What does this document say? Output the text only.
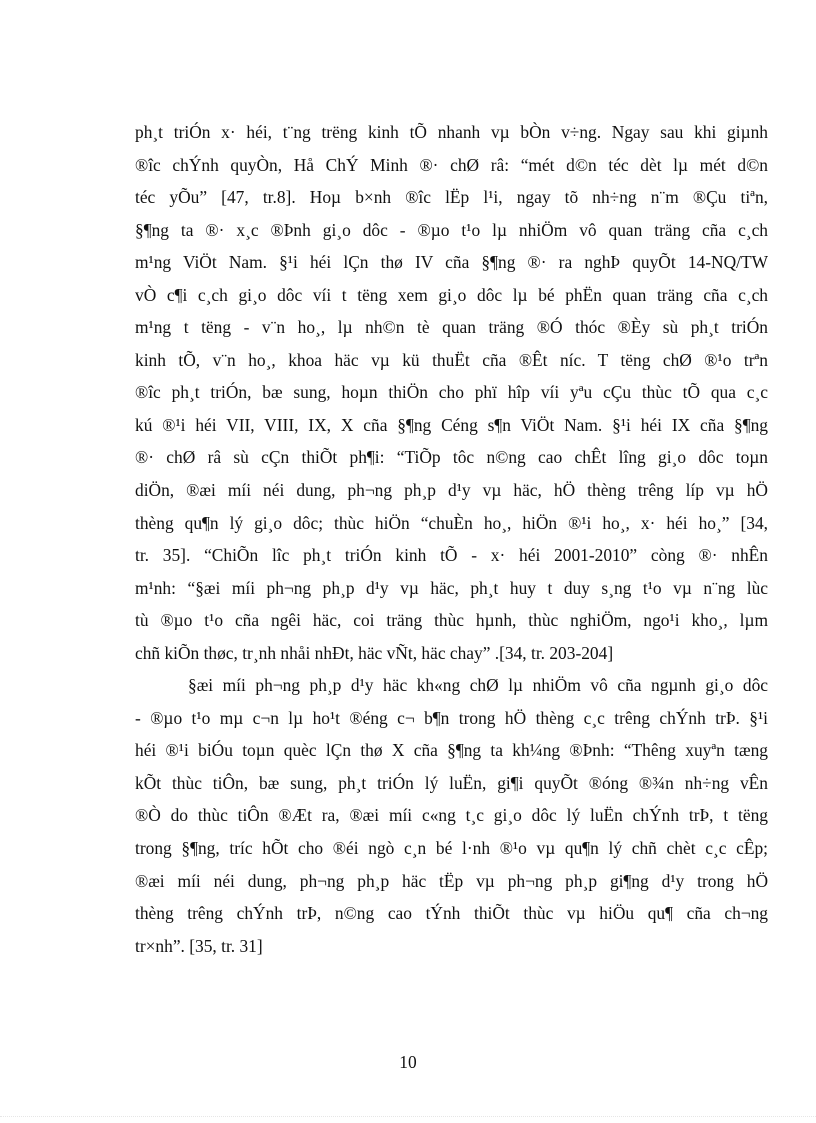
ph¸t triÓn x· héi, t¨ng trëng kinh tÕ nhanh vµ bÒn v÷ng. Ngay sau khi giµnh
®îc chÝnh quyÒn, Hå ChÝ Minh ®· chØ râ: “mét d©n téc dèt lµ mét d©n
téc yÕu” [47, tr.8]. Hoµ b×nh ®îc lËp l¹i, ngay tõ nh÷ng n¨m ®Çu tiªn,
§¶ng ta ®· x¸c ®Þnh gi¸o dôc - ®µo t¹o lµ nhiÖm vô quan träng cña c¸ch
m¹ng ViÖt Nam. §¹i héi lÇn thø IV cña §¶ng ®· ra nghÞ quyÕt 14-NQ/TW
vÒ c¶i c¸ch gi¸o dôc víi t tëng xem gi¸o dôc lµ bé phËn quan träng cña c¸ch
m¹ng t tëng - v¨n ho¸, lµ nh©n tè quan träng ®Ó thóc ®Èy sù ph¸t triÓn
kinh tÕ, v¨n ho¸, khoa häc vµ kü thuËt cña ®Êt níc. T tëng chØ ®¹o trªn
®îc ph¸t triÓn, bæ sung, hoµn thiÖn cho phï hîp víi yªu cÇu thùc tÕ qua c¸c
kú ®¹i héi VII, VIII, IX, X cña §¶ng Céng s¶n ViÖt Nam. §¹i héi IX cña §¶ng
®· chØ râ sù cÇn thiÕt ph¶i: “TiÕp tôc n©ng cao chÊt lîng gi¸o dôc toµn
diÖn, ®æi míi néi dung, ph¬ng ph¸p d¹y vµ häc, hÖ thèng trêng líp vµ hÖ
thèng qu¶n lý gi¸o dôc; thùc hiÖn “chuÈn ho¸, hiÖn ®¹i ho¸, x· héi ho¸” [34,
tr. 35]. “ChiÕn lîc ph¸t triÓn kinh tÕ - x· héi 2001-2010” còng ®· nhÊn
m¹nh: “§æi míi ph¬ng ph¸p d¹y vµ häc, ph¸t huy t duy s¸ng t¹o vµ n¨ng lùc
tù ®µo t¹o cña ngêi häc, coi träng thùc hµnh, thùc nghiÖm, ngo¹i kho¸, lµm
chñ kiÕn thøc, tr¸nh nhåi nhÐt, häc vÑt, häc chay” .[34, tr. 203-204]
§æi míi ph¬ng ph¸p d¹y häc kh«ng chØ lµ nhiÖm vô cña ngµnh gi¸o dôc
- ®µo t¹o mµ c¬n lµ ho¹t ®éng c¬ b¶n trong hÖ thèng c¸c trêng chÝnh trÞ. §¹i
héi ®¹i biÓu toµn quèc lÇn thø X cña §¶ng ta kh¼ng ®Þnh: “Thêng xuyªn tæng
kÕt thùc tiÔn, bæ sung, ph¸t triÓn lý luËn, gi¶i quyÕt ®óng ®¾n nh÷ng vÊn
®Ò do thùc tiÔn ®Æt ra, ®æi míi c«ng t¸c gi¸o dôc lý luËn chÝnh trÞ, t tëng
trong §¶ng, tríc hÕt cho ®éi ngò c¸n bé l·nh ®¹o vµ qu¶n lý chñ chèt c¸c cÊp;
®æi míi néi dung, ph¬ng ph¸p häc tËp vµ ph¬ng ph¸p gi¶ng d¹y trong hÖ
thèng trêng chÝnh trÞ, n©ng cao tÝnh thiÕt thùc vµ hiÖu qu¶ cña ch¬ng
tr×nh”. [35, tr. 31]
10
